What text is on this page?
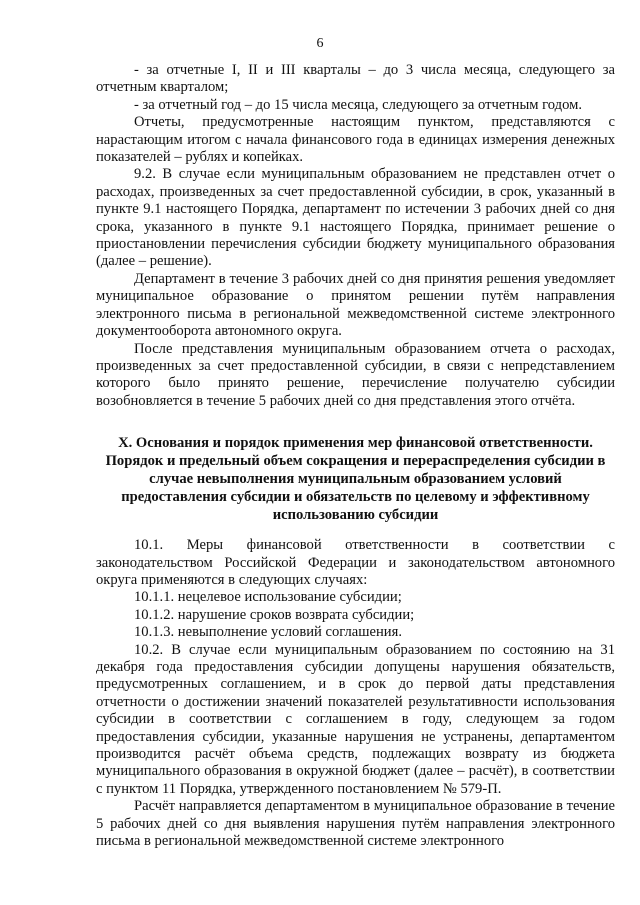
6

- за отчетные I, II и III кварталы – до 3 числа месяца, следующего за отчетным кварталом;

- за отчетный год – до 15 числа месяца, следующего за отчетным годом.

Отчеты, предусмотренные настоящим пунктом, представляются с нарастающим итогом с начала финансового года в единицах измерения денежных показателей – рублях и копейках.

9.2. В случае если муниципальным образованием не представлен отчет о расходах, произведенных за счет предоставленной субсидии, в срок, указанный в пункте 9.1 настоящего Порядка, департамент по истечении 3 рабочих дней со дня срока, указанного в пункте 9.1 настоящего Порядка, принимает решение о приостановлении перечисления субсидии бюджету муниципального образования (далее – решение).

Департамент в течение 3 рабочих дней со дня принятия решения уведомляет муниципальное образование о принятом решении путём направления электронного письма в региональной межведомственной системе электронного документооборота автономного округа.

После представления муниципальным образованием отчета о расходах, произведенных за счет предоставленной субсидии, в связи с непредставлением которого было принято решение, перечисление получателю субсидии возобновляется в течение 5 рабочих дней со дня представления этого отчёта.

X. Основания и порядок применения мер финансовой ответственности.
Порядок и предельный объем сокращения и перераспределения субсидии в
случае невыполнения муниципальным образованием условий
предоставления субсидии и обязательств по целевому и эффективному
использованию субсидии

10.1. Меры финансовой ответственности в соответствии с законодательством Российской Федерации и законодательством автономного округа применяются в следующих случаях:

10.1.1. нецелевое использование субсидии;

10.1.2. нарушение сроков возврата субсидии;

10.1.3. невыполнение условий соглашения.

10.2. В случае если муниципальным образованием по состоянию на 31 декабря года предоставления субсидии допущены нарушения обязательств, предусмотренных соглашением, и в срок до первой даты представления отчетности о достижении значений показателей результативности использования субсидии в соответствии с соглашением в году, следующем за годом предоставления субсидии, указанные нарушения не устранены, департаментом производится расчёт объема средств, подлежащих возврату из бюджета муниципального образования в окружной бюджет (далее – расчёт), в соответствии с пунктом 11 Порядка, утвержденного постановлением № 579-П.

Расчёт направляется департаментом в муниципальное образование в течение 5 рабочих дней со дня выявления нарушения путём направления электронного письма в региональной межведомственной системе электронного
